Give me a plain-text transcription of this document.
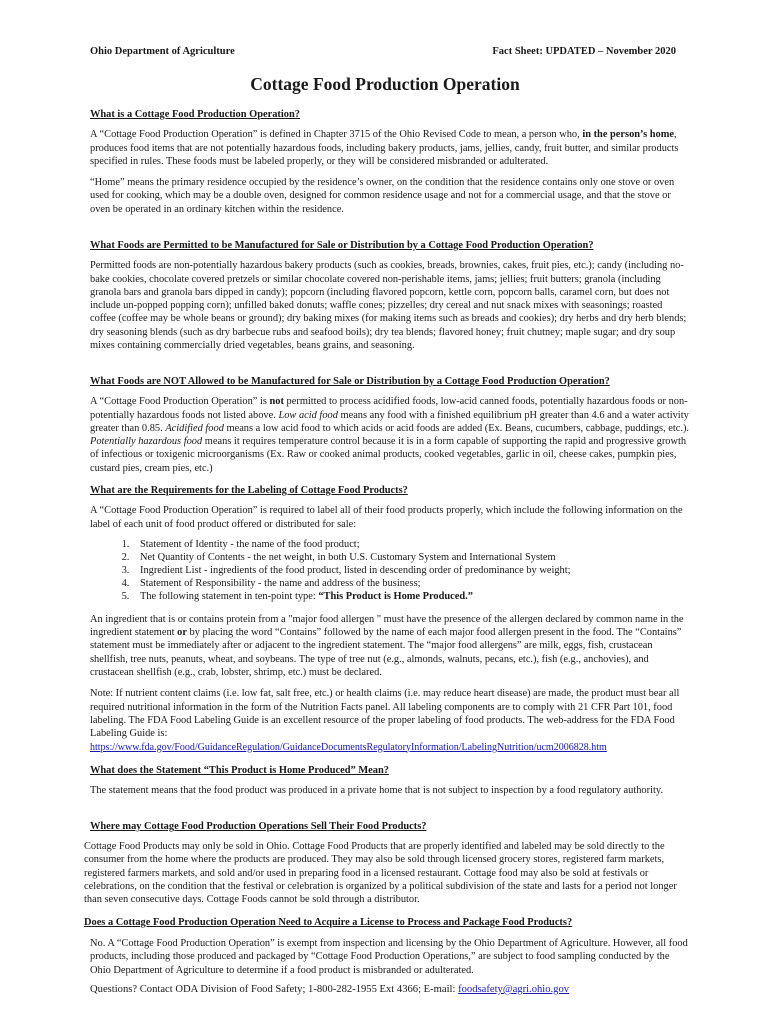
Ohio Department of Agriculture	Fact Sheet: UPDATED – November 2020
Cottage Food Production Operation

What is a Cottage Food Production Operation?

A “Cottage Food Production Operation” is defined in Chapter 3715 of the Ohio Revised Code to mean, a person who, in the person’s home, produces food items that are not potentially hazardous foods, including bakery products, jams, jellies, candy, fruit butter, and similar products specified in rules. These foods must be labeled properly, or they will be considered misbranded or adulterated.

“Home” means the primary residence occupied by the residence’s owner, on the condition that the residence contains only one stove or oven used for cooking, which may be a double oven, designed for common residence usage and not for a commercial usage, and that the stove or oven be operated in an ordinary kitchen within the residence.

What Foods are Permitted to be Manufactured for Sale or Distribution by a Cottage Food Production Operation?

Permitted foods are non-potentially hazardous bakery products (such as cookies, breads, brownies, cakes, fruit pies, etc.); candy (including no-bake cookies, chocolate covered pretzels or similar chocolate covered non-perishable items, jams; jellies; fruit butters; granola (including granola bars and granola bars dipped in candy); popcorn (including flavored popcorn, kettle corn, popcorn balls, caramel corn, but does not include un-popped popping corn); unfilled baked donuts; waffle cones; pizzelles; dry cereal and nut snack mixes with seasonings; roasted coffee (coffee may be whole beans or ground); dry baking mixes (for making items such as breads and cookies); dry herbs and dry herb blends; dry seasoning blends (such as dry barbecue rubs and seafood boils); dry tea blends; flavored honey; fruit chutney; maple sugar; and dry soup mixes containing commercially dried vegetables, beans grains, and seasoning.

What Foods are NOT Allowed to be Manufactured for Sale or Distribution by a Cottage Food Production Operation?

A “Cottage Food Production Operation” is not permitted to process acidified foods, low-acid canned foods, potentially hazardous foods or non-potentially hazardous foods not listed above. Low acid food means any food with a finished equilibrium pH greater than 4.6 and a water activity greater than 0.85. Acidified food means a low acid food to which acids or acid foods are added (Ex. Beans, cucumbers, cabbage, puddings, etc.). Potentially hazardous food means it requires temperature control because it is in a form capable of supporting the rapid and progressive growth of infectious or toxigenic microorganisms (Ex. Raw or cooked animal products, cooked vegetables, garlic in oil, cheese cakes, pumpkin pies, custard pies, cream pies, etc.)

What are the Requirements for the Labeling of Cottage Food Products?

A “Cottage Food Production Operation” is required to label all of their food products properly, which include the following information on the label of each unit of food product offered or distributed for sale:

1. Statement of Identity - the name of the food product;
2. Net Quantity of Contents - the net weight, in both U.S. Customary System and International System
3. Ingredient List - ingredients of the food product, listed in descending order of predominance by weight;
4. Statement of Responsibility - the name and address of the business;
5. The following statement in ten-point type: “This Product is Home Produced.”

An ingredient that is or contains protein from a "major food allergen " must have the presence of the allergen declared by common name in the ingredient statement or by placing the word “Contains” followed by the name of each major food allergen present in the food. The “Contains” statement must be immediately after or adjacent to the ingredient statement. The “major food allergens” are milk, eggs, fish, crustacean shellfish, tree nuts, peanuts, wheat, and soybeans. The type of tree nut (e.g., almonds, walnuts, pecans, etc.), fish (e.g., anchovies), and crustacean shellfish (e.g., crab, lobster, shrimp, etc.) must be declared.

Note: If nutrient content claims (i.e. low fat, salt free, etc.) or health claims (i.e. may reduce heart disease) are made, the product must bear all required nutritional information in the form of the Nutrition Facts panel. All labeling components are to comply with 21 CFR Part 101, food labeling. The FDA Food Labeling Guide is an excellent resource of the proper labeling of food products. The web-address for the FDA Food Labeling Guide is:

https://www.fda.gov/Food/GuidanceRegulation/GuidanceDocumentsRegulatoryInformation/LabelingNutrition/ucm2006828.htm

What does the Statement “This Product is Home Produced” Mean?

The statement means that the food product was produced in a private home that is not subject to inspection by a food regulatory authority.

Where may Cottage Food Production Operations Sell Their Food Products?

Cottage Food Products may only be sold in Ohio. Cottage Food Products that are properly identified and labeled may be sold directly to the consumer from the home where the products are produced. They may also be sold through licensed grocery stores, registered farm markets, registered farmers markets, and sold and/or used in preparing food in a licensed restaurant. Cottage food may also be sold at festivals or celebrations, on the condition that the festival or celebration is organized by a political subdivision of the state and lasts for a period not longer than seven consecutive days. Cottage Foods cannot be sold through a distributor.

Does a Cottage Food Production Operation Need to Acquire a License to Process and Package Food Products?

No. A “Cottage Food Production Operation” is exempt from inspection and licensing by the Ohio Department of Agriculture. However, all food products, including those produced and packaged by “Cottage Food Production Operations,” are subject to food sampling conducted by the Ohio Department of Agriculture to determine if a food product is misbranded or adulterated.

Questions? Contact ODA Division of Food Safety; 1-800-282-1955 Ext 4366; E-mail: foodsafety@agri.ohio.gov
